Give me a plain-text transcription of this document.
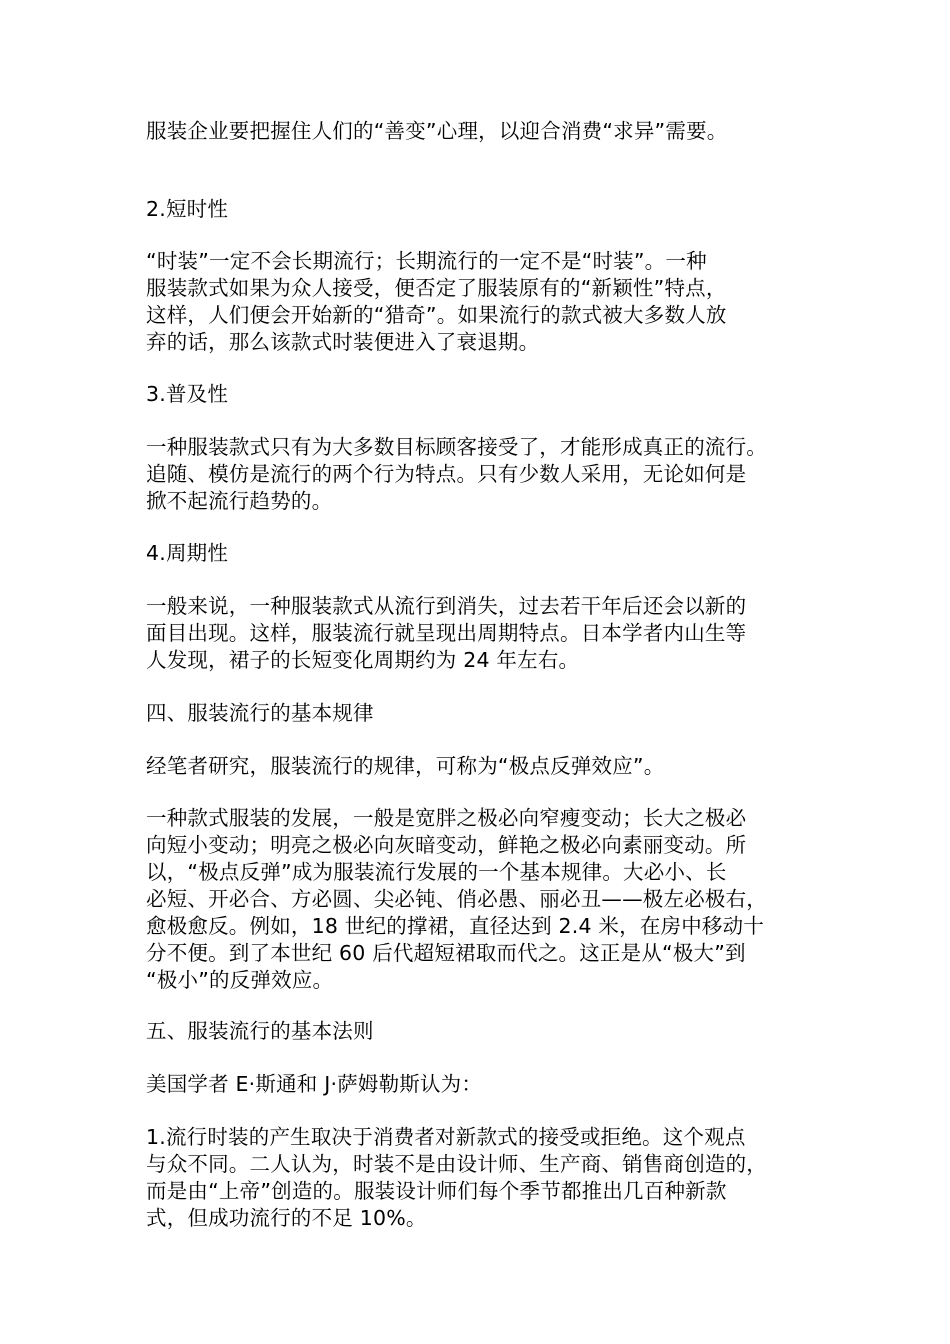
服装企业要把握住人们的“善变”心理，以迎合消费“求异”需要。
2.短时性
“时装”一定不会长期流行；长期流行的一定不是“时装”。一种
服装款式如果为众人接受，便否定了服装原有的“新颖性”特点，
这样，人们便会开始新的“猎奇”。如果流行的款式被大多数人放
弃的话，那么该款式时装便进入了衰退期。
3.普及性
一种服装款式只有为大多数目标顾客接受了，才能形成真正的流行。
追随、模仿是流行的两个行为特点。只有少数人采用，无论如何是
掀不起流行趋势的。
4.周期性
一般来说，一种服装款式从流行到消失，过去若干年后还会以新的
面目出现。这样，服装流行就呈现出周期特点。日本学者内山生等
人发现，裙子的长短变化周期约为 24 年左右。
四、服装流行的基本规律
经笔者研究，服装流行的规律，可称为“极点反弹效应”。
一种款式服装的发展，一般是宽胖之极必向窄瘦变动；长大之极必
向短小变动；明亮之极必向灰暗变动，鲜艳之极必向素丽变动。所
以，“极点反弹”成为服装流行发展的一个基本规律。大必小、长
必短、开必合、方必圆、尖必钝、俏必愚、丽必丑——极左必极右，
愈极愈反。例如，18 世纪的撑裙，直径达到 2.4 米，在房中移动十
分不便。到了本世纪 60 后代超短裙取而代之。这正是从“极大”到
“极小”的反弹效应。
五、服装流行的基本法则
美国学者 E·斯通和 J·萨姆勒斯认为：
1.流行时装的产生取决于消费者对新款式的接受或拒绝。这个观点
与众不同。二人认为，时装不是由设计师、生产商、销售商创造的，
而是由“上帝”创造的。服装设计师们每个季节都推出几百种新款
式，但成功流行的不足 10%。
